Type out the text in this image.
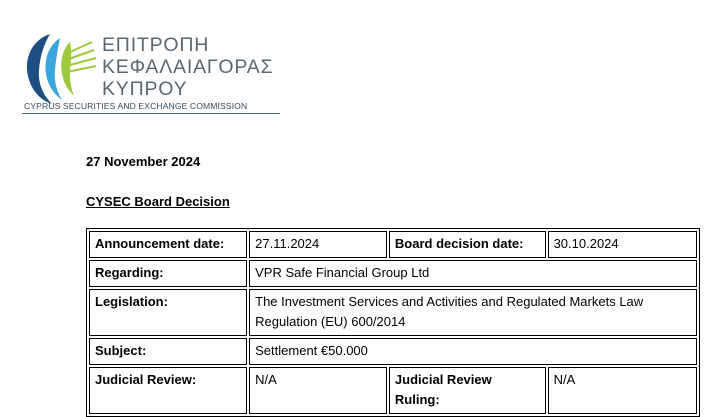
ΕΠΙΤΡΟΠΗ
ΚΕΦΑΛΑΙΑΓΟΡΑΣ
ΚΥΠΡΟΥ
CYPRUS SECURITIES AND EXCHANGE COMMISSION
27 November 2024
CYSEC Board Decision
Announcement date:	27.11.2024	Board decision date:	30.10.2024
Regarding:	VPR Safe Financial Group Ltd		
Legislation:	The Investment Services and Activities and Regulated Markets Law Regulation (EU) 600/2014		
Subject:	Settlement €50.000		
Judicial Review:	N/A	Judicial Review Ruling:	N/A
